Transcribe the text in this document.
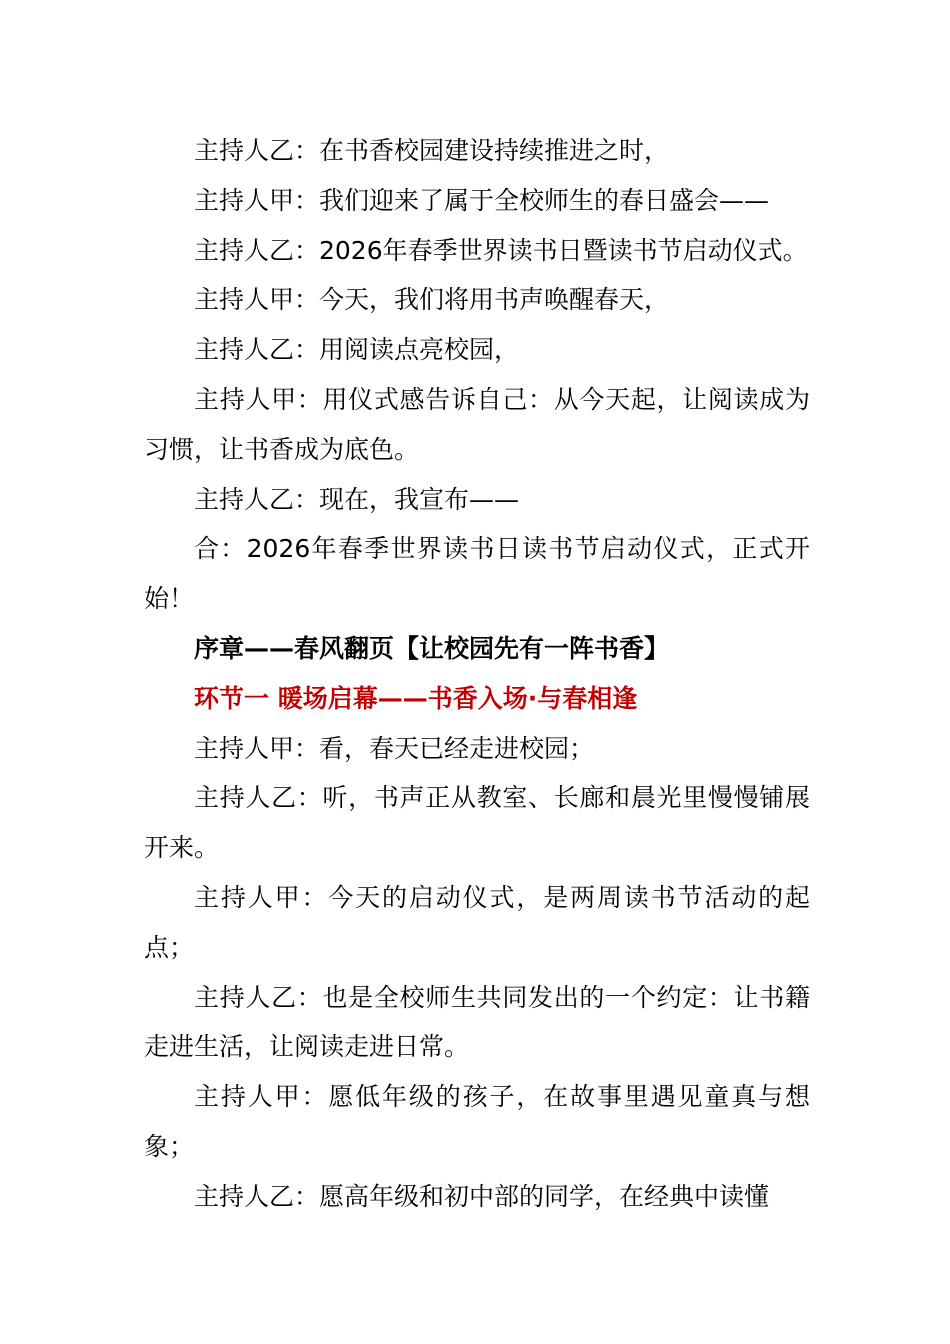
主持人乙：在书香校园建设持续推进之时，

主持人甲：我们迎来了属于全校师生的春日盛会——

主持人乙：2026年春季世界读书日暨读书节启动仪式。

主持人甲：今天，我们将用书声唤醒春天，

主持人乙：用阅读点亮校园，

主持人甲：用仪式感告诉自己：从今天起，让阅读成为习惯，让书香成为底色。

主持人乙：现在，我宣布——

合：2026年春季世界读书日读书节启动仪式，正式开始！

序章——春风翻页【让校园先有一阵书香】

环节一 暖场启幕——书香入场·与春相逢

主持人甲：看，春天已经走进校园；

主持人乙：听，书声正从教室、长廊和晨光里慢慢铺展开来。

主持人甲：今天的启动仪式，是两周读书节活动的起点；

主持人乙：也是全校师生共同发出的一个约定：让书籍走进生活，让阅读走进日常。

主持人甲：愿低年级的孩子，在故事里遇见童真与想象；

主持人乙：愿高年级和初中部的同学，在经典中读懂
